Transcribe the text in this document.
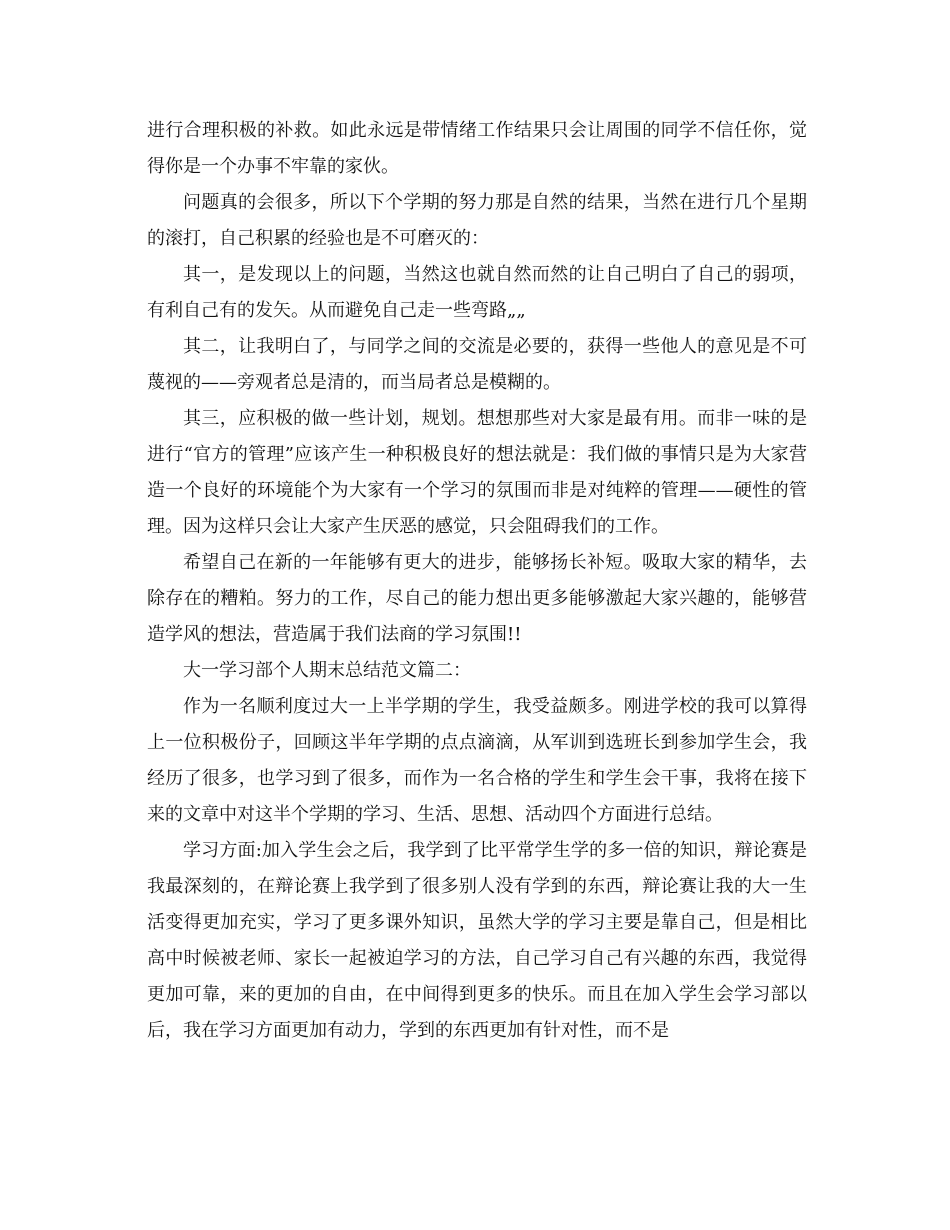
进行合理积极的补救。如此永远是带情绪工作结果只会让周围的同学不信任你，觉得你是一个办事不牢靠的家伙。

问题真的会很多，所以下个学期的努力那是自然的结果，当然在进行几个星期的滚打，自己积累的经验也是不可磨灭的：

其一，是发现以上的问题，当然这也就自然而然的让自己明白了自己的弱项，有利自己有的发矢。从而避免自己走一些弯路„„

其二，让我明白了，与同学之间的交流是必要的，获得一些他人的意见是不可蔑视的——旁观者总是清的，而当局者总是模糊的。

其三，应积极的做一些计划，规划。想想那些对大家是最有用。而非一味的是进行“官方的管理”应该产生一种积极良好的想法就是：我们做的事情只是为大家营造一个良好的环境能个为大家有一个学习的氛围而非是对纯粹的管理——硬性的管理。因为这样只会让大家产生厌恶的感觉，只会阻碍我们的工作。

希望自己在新的一年能够有更大的进步，能够扬长补短。吸取大家的精华，去除存在的糟粕。努力的工作，尽自己的能力想出更多能够激起大家兴趣的，能够营造学风的想法，营造属于我们法商的学习氛围!!

大一学习部个人期末总结范文篇二：

作为一名顺利度过大一上半学期的学生，我受益颇多。刚进学校的我可以算得上一位积极份子，回顾这半年学期的点点滴滴，从军训到选班长到参加学生会，我经历了很多，也学习到了很多，而作为一名合格的学生和学生会干事，我将在接下来的文章中对这半个学期的学习、生活、思想、活动四个方面进行总结。

学习方面:加入学生会之后，我学到了比平常学生学的多一倍的知识，辩论赛是我最深刻的，在辩论赛上我学到了很多别人没有学到的东西，辩论赛让我的大一生活变得更加充实，学习了更多课外知识，虽然大学的学习主要是靠自己，但是相比高中时候被老师、家长一起被迫学习的方法，自己学习自己有兴趣的东西，我觉得更加可靠，来的更加的自由，在中间得到更多的快乐。而且在加入学生会学习部以后，我在学习方面更加有动力，学到的东西更加有针对性，而不是
